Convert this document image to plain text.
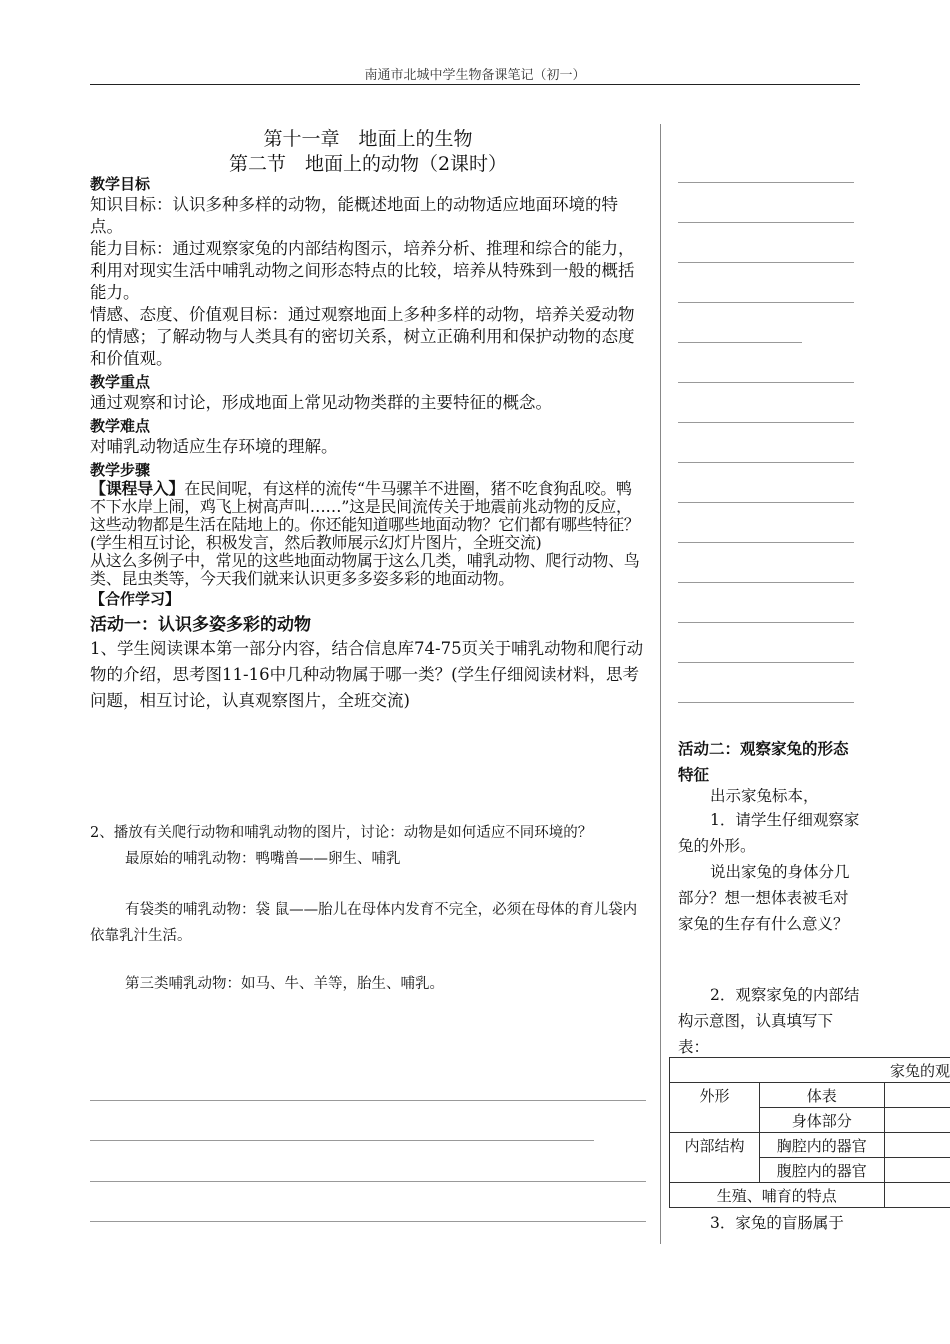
南通市北城中学生物备课笔记（初一）
第十一章　地面上的生物
第二节　地面上的动物（2课时）

教学目标

知识目标：认识多种多样的动物，能概述地面上的动物适应地面环境的特点。

能力目标：通过观察家兔的内部结构图示，培养分析、推理和综合的能力，利用对现实生活中哺乳动物之间形态特点的比较，培养从特殊到一般的概括能力。

情感、态度、价值观目标：通过观察地面上多种多样的动物，培养关爱动物的情感；了解动物与人类具有的密切关系，树立正确利用和保护动物的态度和价值观。

教学重点

通过观察和讨论，形成地面上常见动物类群的主要特征的概念。

教学难点

对哺乳动物适应生存环境的理解。

教学步骤

【课程导入】在民间呢，有这样的流传“牛马骡羊不进圈，猪不吃食狗乱咬。鸭不下水岸上闹，鸡飞上树高声叫……”这是民间流传关于地震前兆动物的反应，这些动物都是生活在陆地上的。你还能知道哪些地面动物？它们都有哪些特征？(学生相互讨论，积极发言，然后教师展示幻灯片图片，全班交流)

从这么多例子中，常见的这些地面动物属于这么几类，哺乳动物、爬行动物、鸟类、昆虫类等，今天我们就来认识更多多姿多彩的地面动物。

【合作学习】

活动一：认识多姿多彩的动物

1、学生阅读课本第一部分内容，结合信息库74-75页关于哺乳动物和爬行动物的介绍，思考图11-16中几种动物属于哪一类？(学生仔细阅读材料，思考问题，相互讨论，认真观察图片，全班交流)

2、播放有关爬行动物和哺乳动物的图片，讨论：动物是如何适应不同环境的？
最原始的哺乳动物：鸭嘴兽——卵生、哺乳
有袋类的哺乳动物：袋 鼠——胎儿在母体内发育不完全，必须在母体的育儿袋内依靠乳汁生活。
第三类哺乳动物：如马、牛、羊等，胎生、哺乳。
活动二：观察家兔的形态特征
出示家兔标本，
1．请学生仔细观察家兔的外形。
说出家兔的身体分几部分？想一想体表被毛对家兔的生存有什么意义？
2．观察家兔的内部结构示意图，认真填写下表：
家兔的观		
外形	体表	
	身体部分	
内部结构	胸腔内的器官	
	腹腔内的器官	
生殖、哺育的特点		
3．家兔的盲肠属于
